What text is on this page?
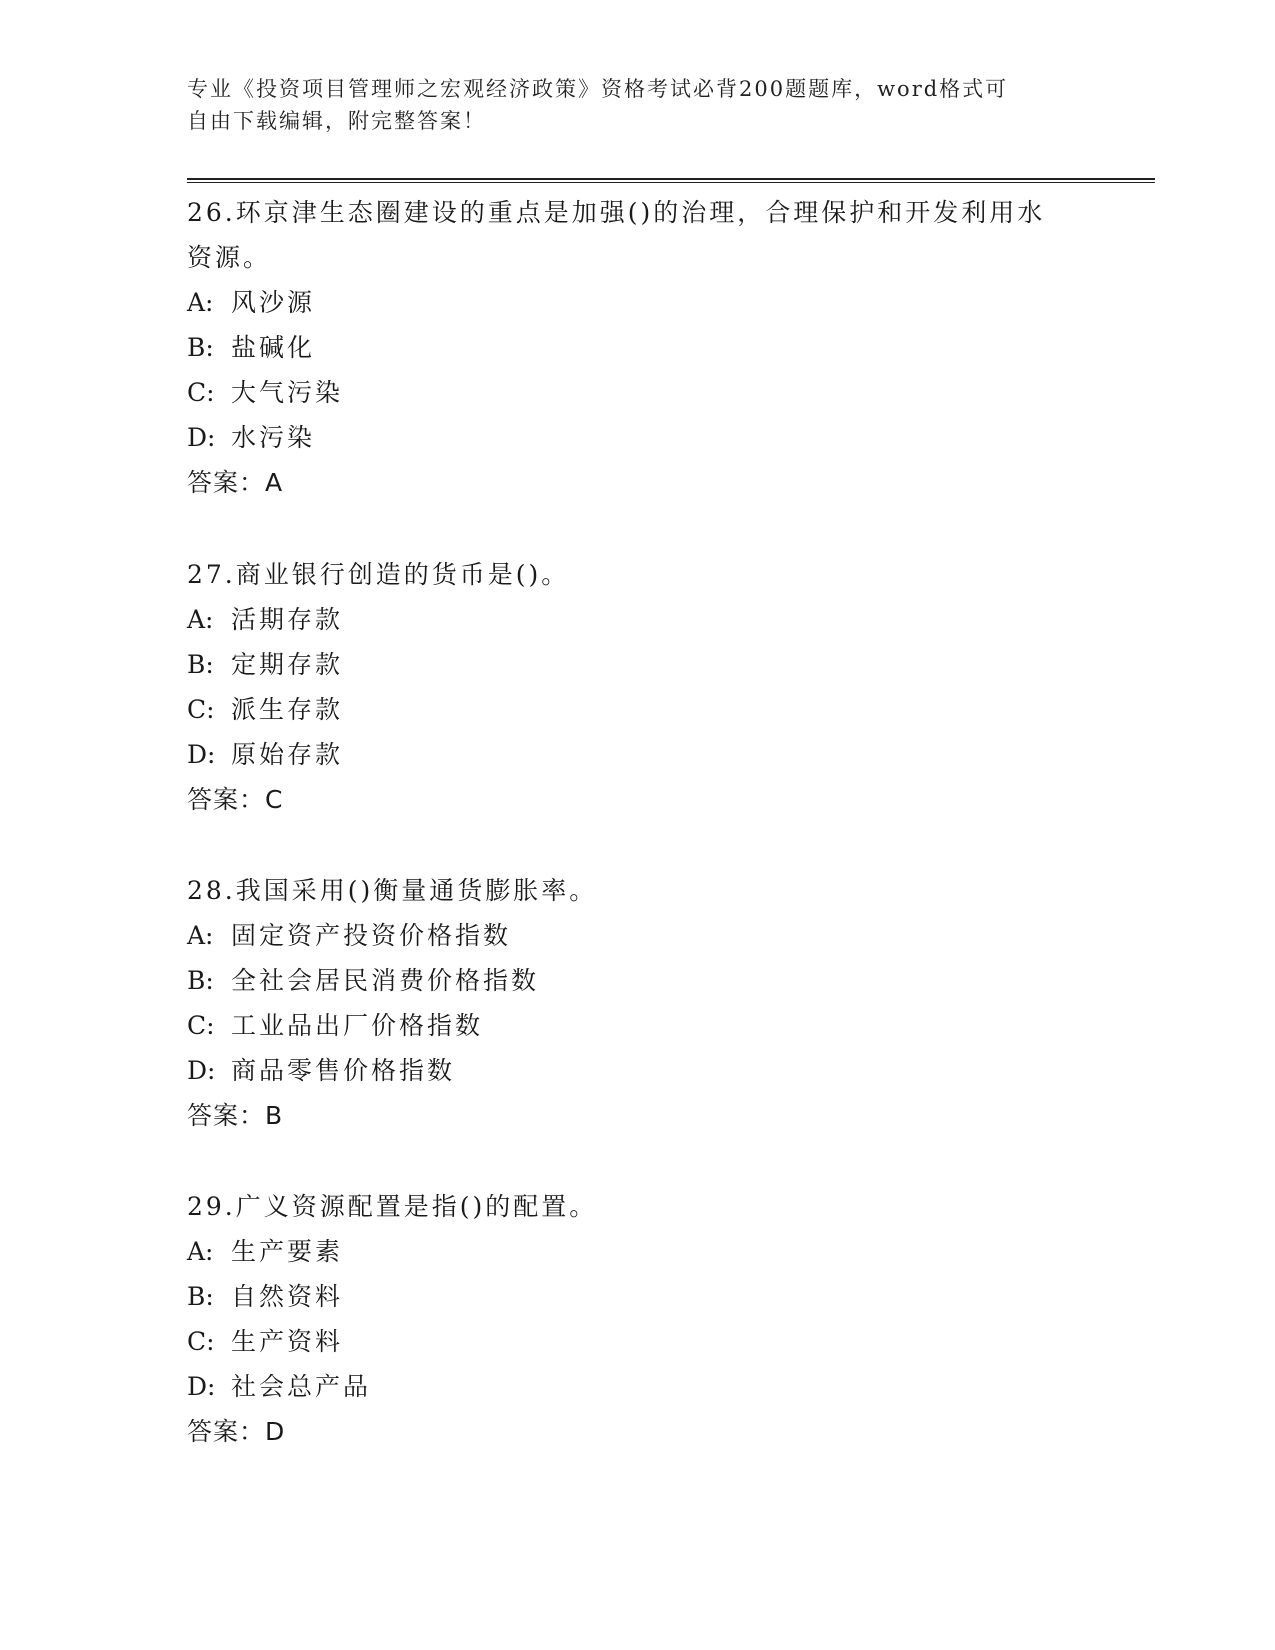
专业《投资项目管理师之宏观经济政策》资格考试必背200题题库，word格式可
自由下载编辑，附完整答案！

26.环京津生态圈建设的重点是加强()的治理，合理保护和开发利用水

资源。

A: 风沙源

B: 盐碱化

C: 大气污染

D: 水污染

答案：A

27.商业银行创造的货币是()。

A: 活期存款

B: 定期存款

C: 派生存款

D: 原始存款

答案：C

28.我国采用()衡量通货膨胀率。

A: 固定资产投资价格指数

B: 全社会居民消费价格指数

C: 工业品出厂价格指数

D: 商品零售价格指数

答案：B

29.广义资源配置是指()的配置。

A: 生产要素

B: 自然资料

C: 生产资料

D: 社会总产品

答案：D
